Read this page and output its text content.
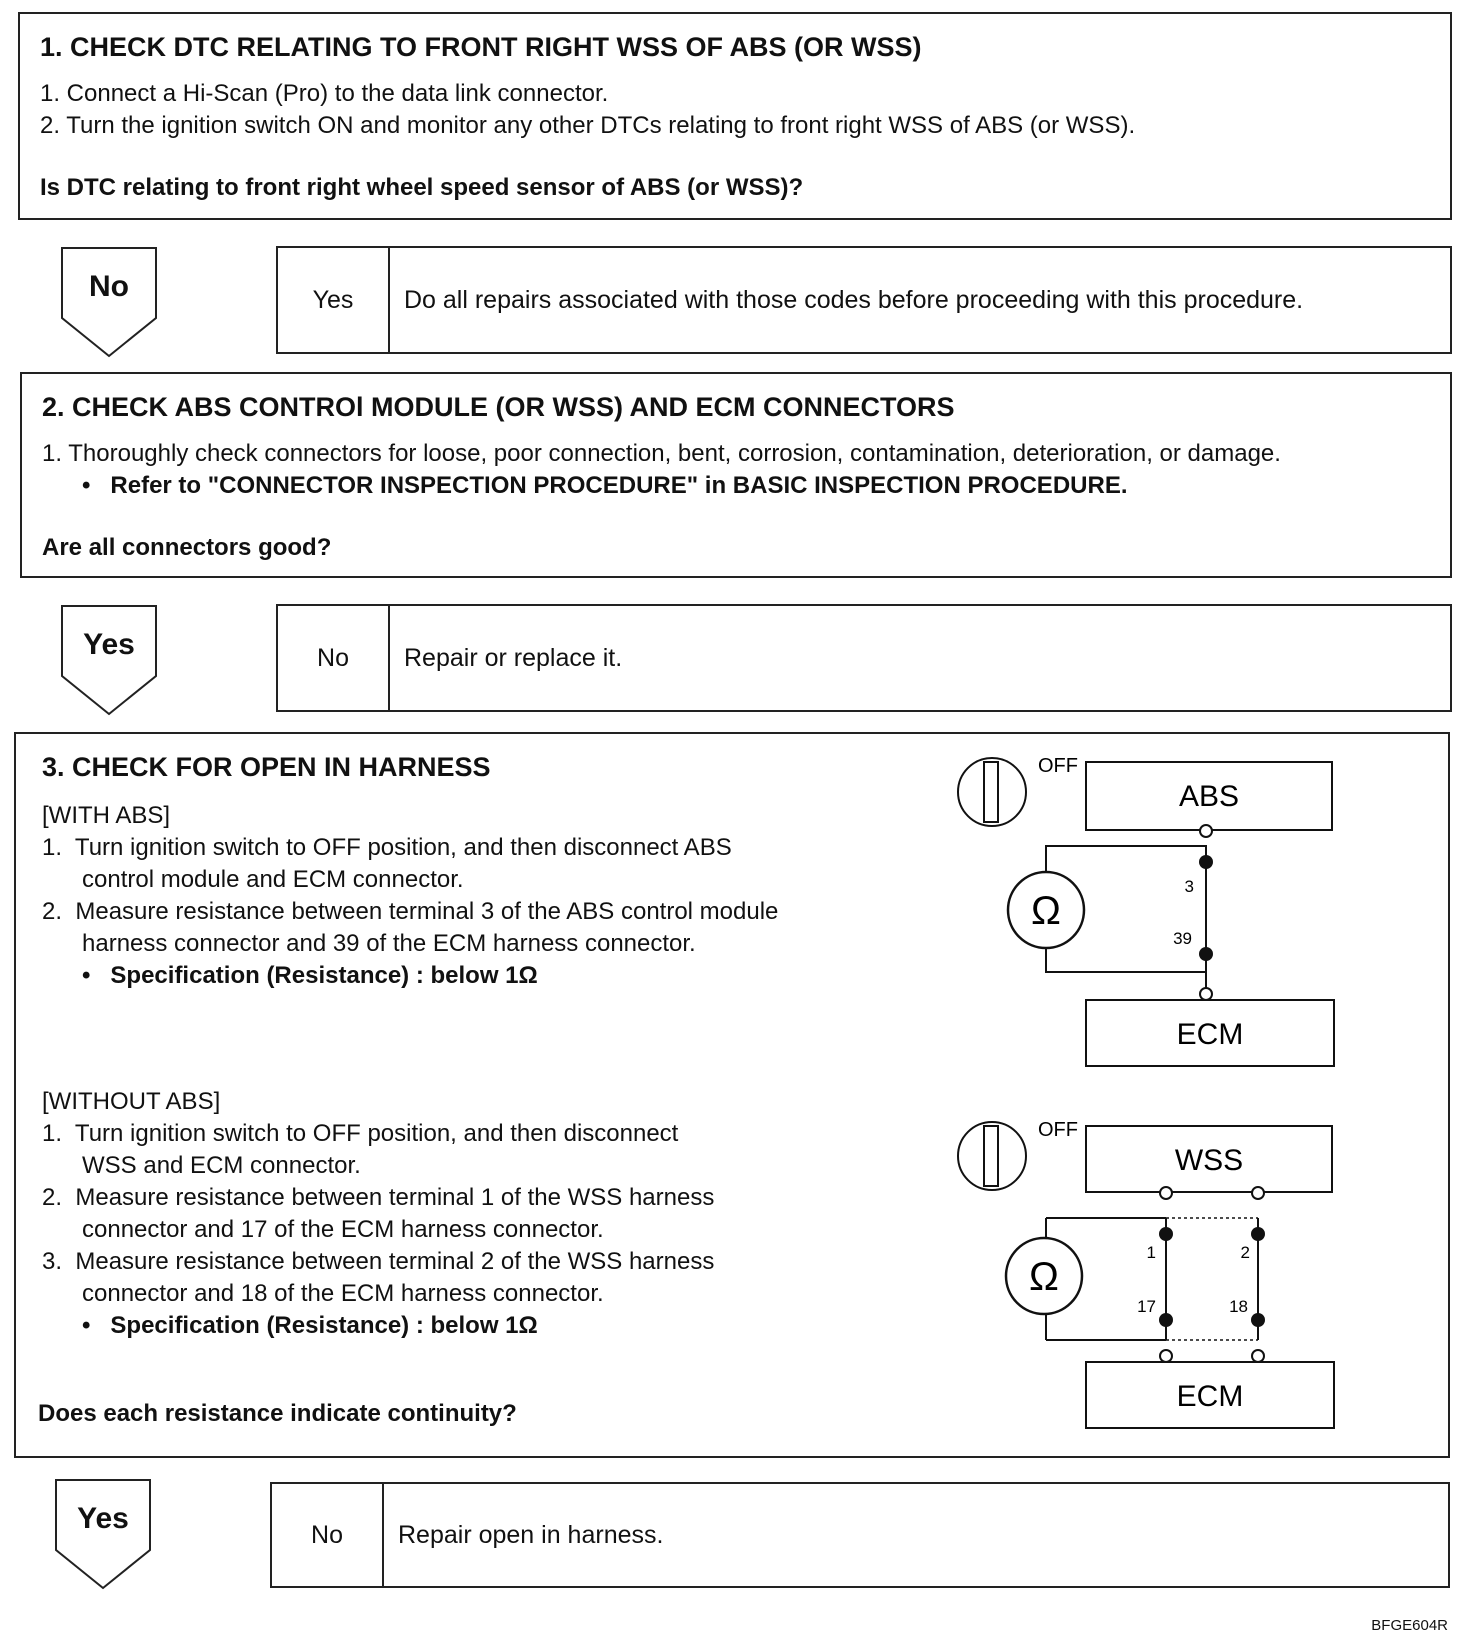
1. CHECK DTC RELATING TO FRONT RIGHT WSS OF ABS (OR WSS)
1. Connect a Hi-Scan (Pro) to the data link connector.
2. Turn the ignition switch ON and monitor any other DTCs relating to front right WSS of ABS (or WSS).
Is DTC relating to front right wheel speed sensor of ABS (or WSS)?
No	Yes	Do all repairs associated with those codes before proceeding with this procedure.
2. CHECK ABS CONTROl MODULE (OR WSS) AND ECM CONNECTORS
1. Thoroughly check connectors for loose, poor connection, bent, corrosion, contamination, deterioration, or damage.
•   Refer to "CONNECTOR INSPECTION PROCEDURE" in BASIC INSPECTION PROCEDURE.
Are all connectors good?
Yes	No	Repair or replace it.
3. CHECK FOR OPEN IN HARNESS
[WITH ABS]
1.  Turn ignition switch to OFF position, and then disconnect ABS
control module and ECM connector.
2.  Measure resistance between terminal 3 of the ABS control module
harness connector and 39 of the ECM harness connector.
•   Specification (Resistance) : below 1Ω
[WITHOUT ABS]
1.  Turn ignition switch to OFF position, and then disconnect
WSS and ECM connector.
2.  Measure resistance between terminal 1 of the WSS harness
connector and 17 of the ECM harness connector.
3.  Measure resistance between terminal 2 of the WSS harness
connector and 18 of the ECM harness connector.
•   Specification (Resistance) : below 1Ω
Does each resistance indicate continuity?
OFF
ABS
Ω
3
39
ECM
OFF
WSS
Ω
1	2
17	18
ECM
Yes	No	Repair open in harness.
BFGE604R
